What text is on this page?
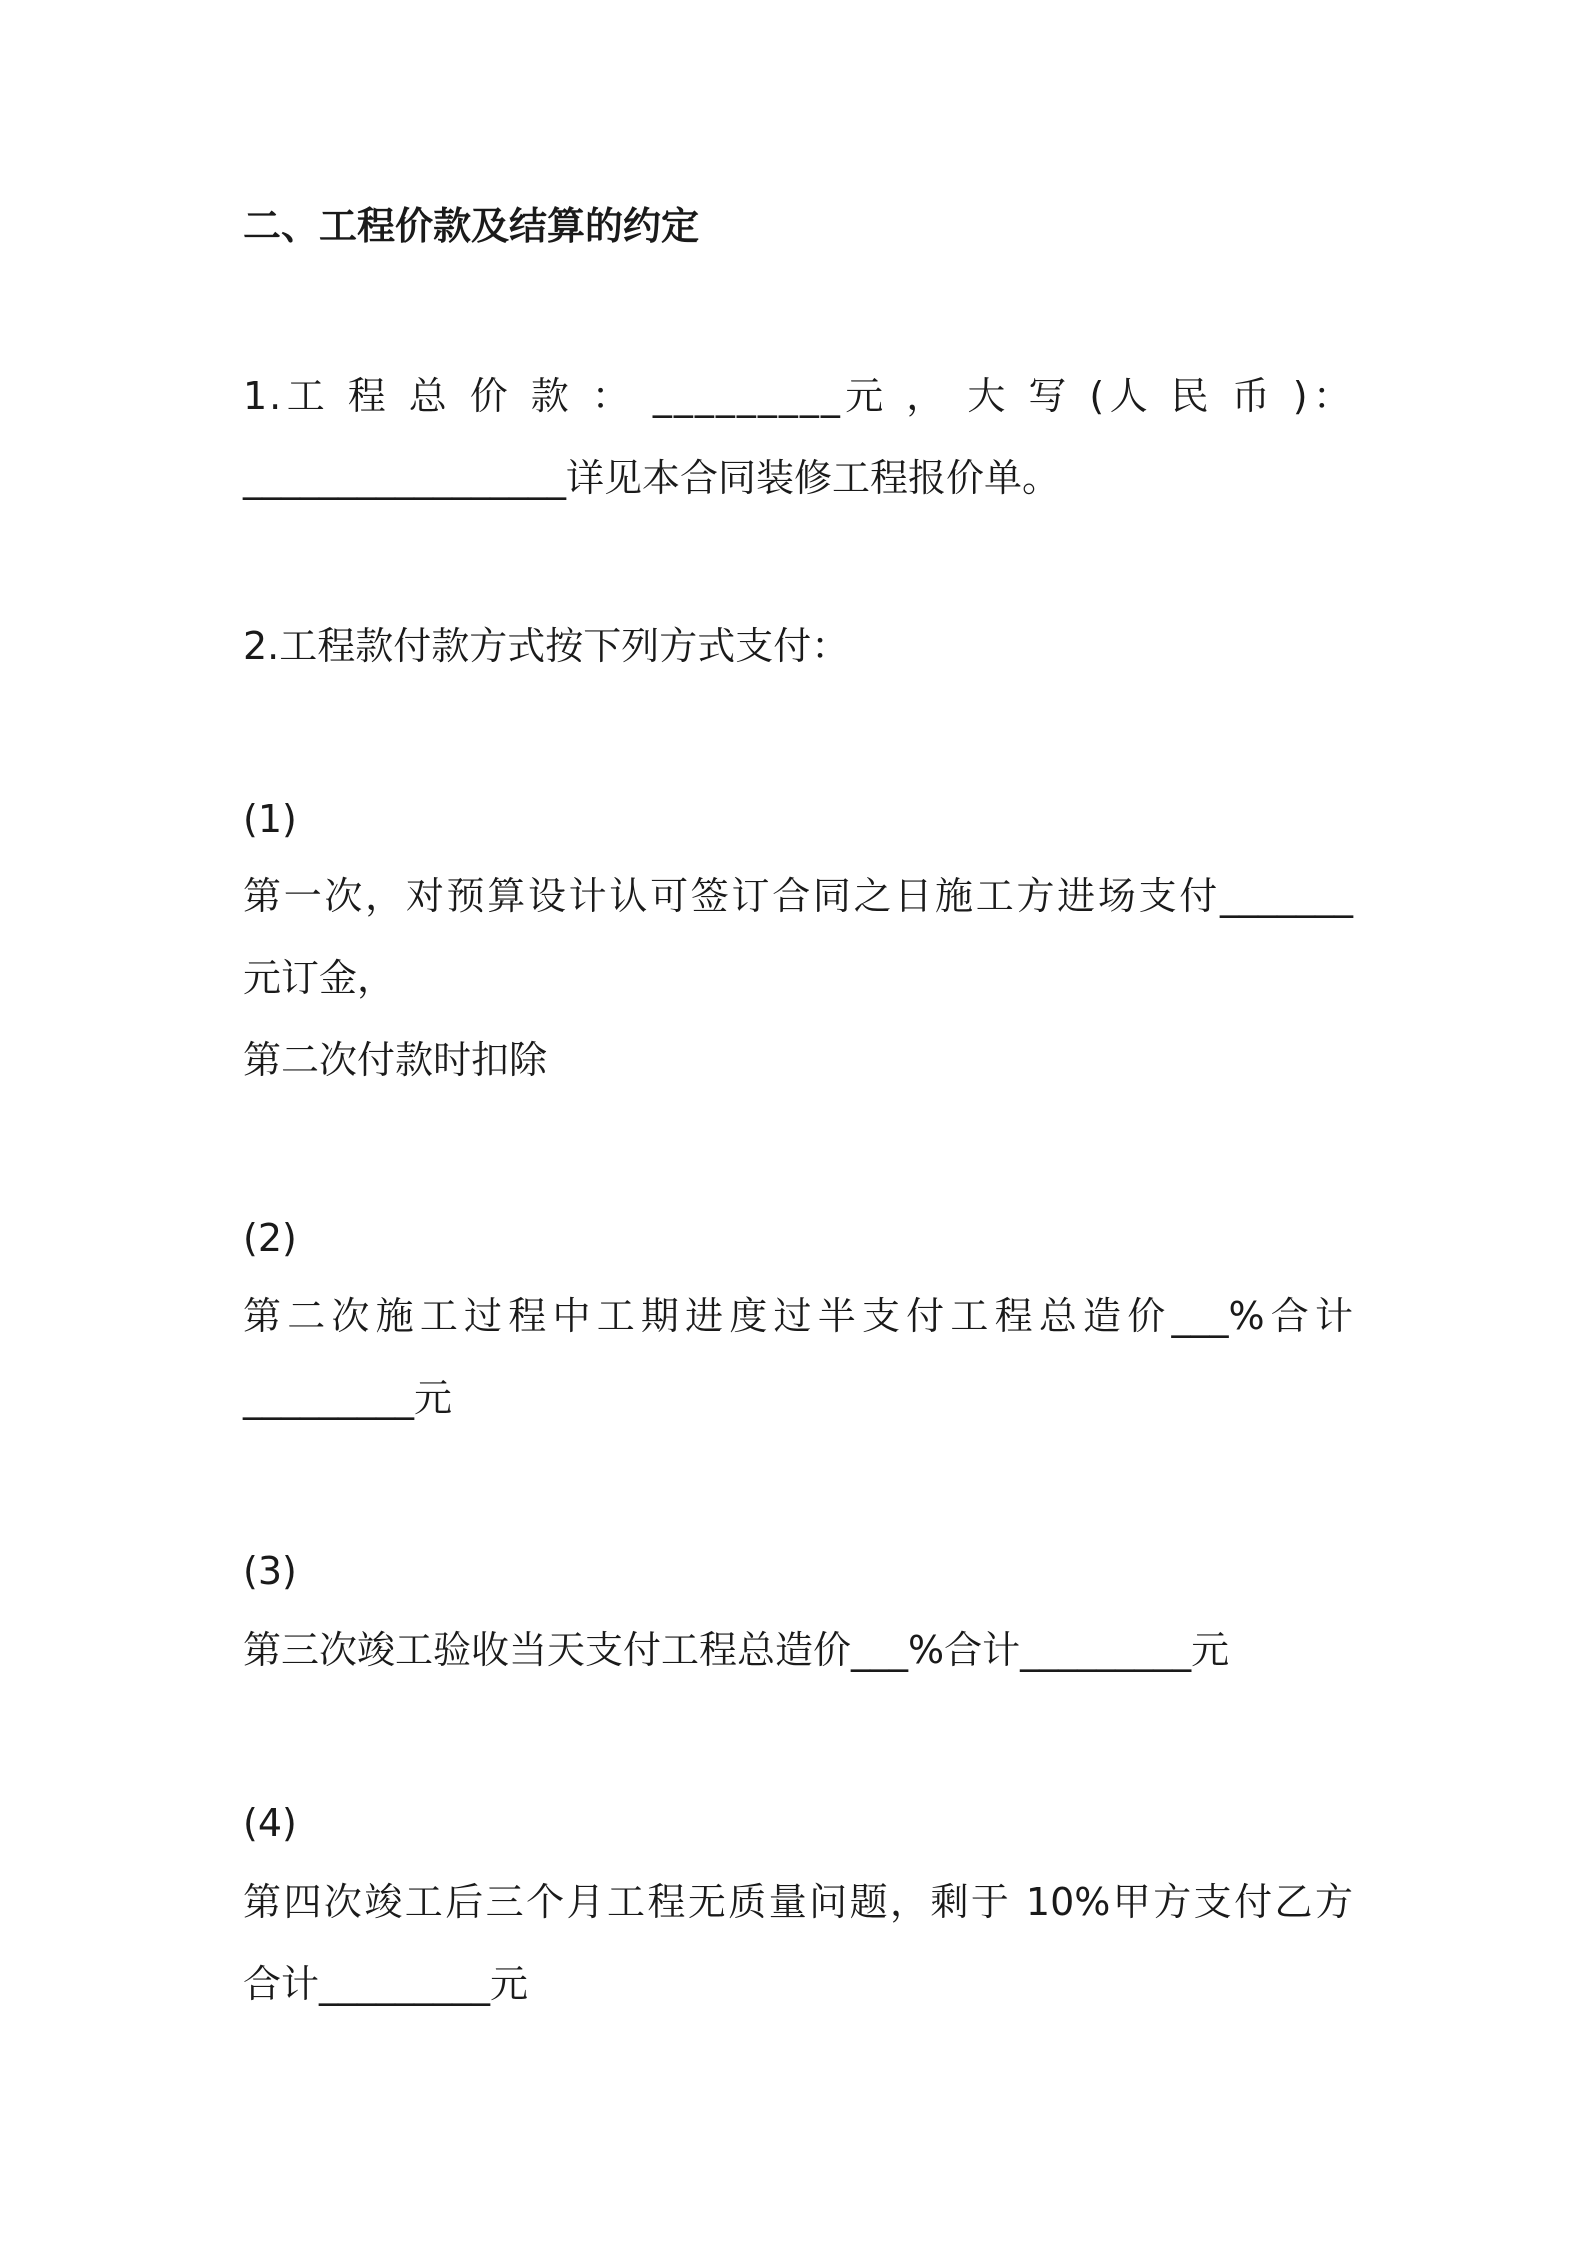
二、工程价款及结算的约定
1.工 程 总 价 款 ： _________元 ， 大 写 (人 民 币 )：
_________________详见本合同装修工程报价单。
2.工程款付款方式按下列方式支付：
(1)
第一次，对预算设计认可签订合同之日施工方进场支付_______
元订金，
第二次付款时扣除
(2)
第二次施工过程中工期进度过半支付工程总造价___%合计
_________元
(3)
第三次竣工验收当天支付工程总造价___%合计_________元
(4)
第四次竣工后三个月工程无质量问题，剩于 10%甲方支付乙方
合计_________元
